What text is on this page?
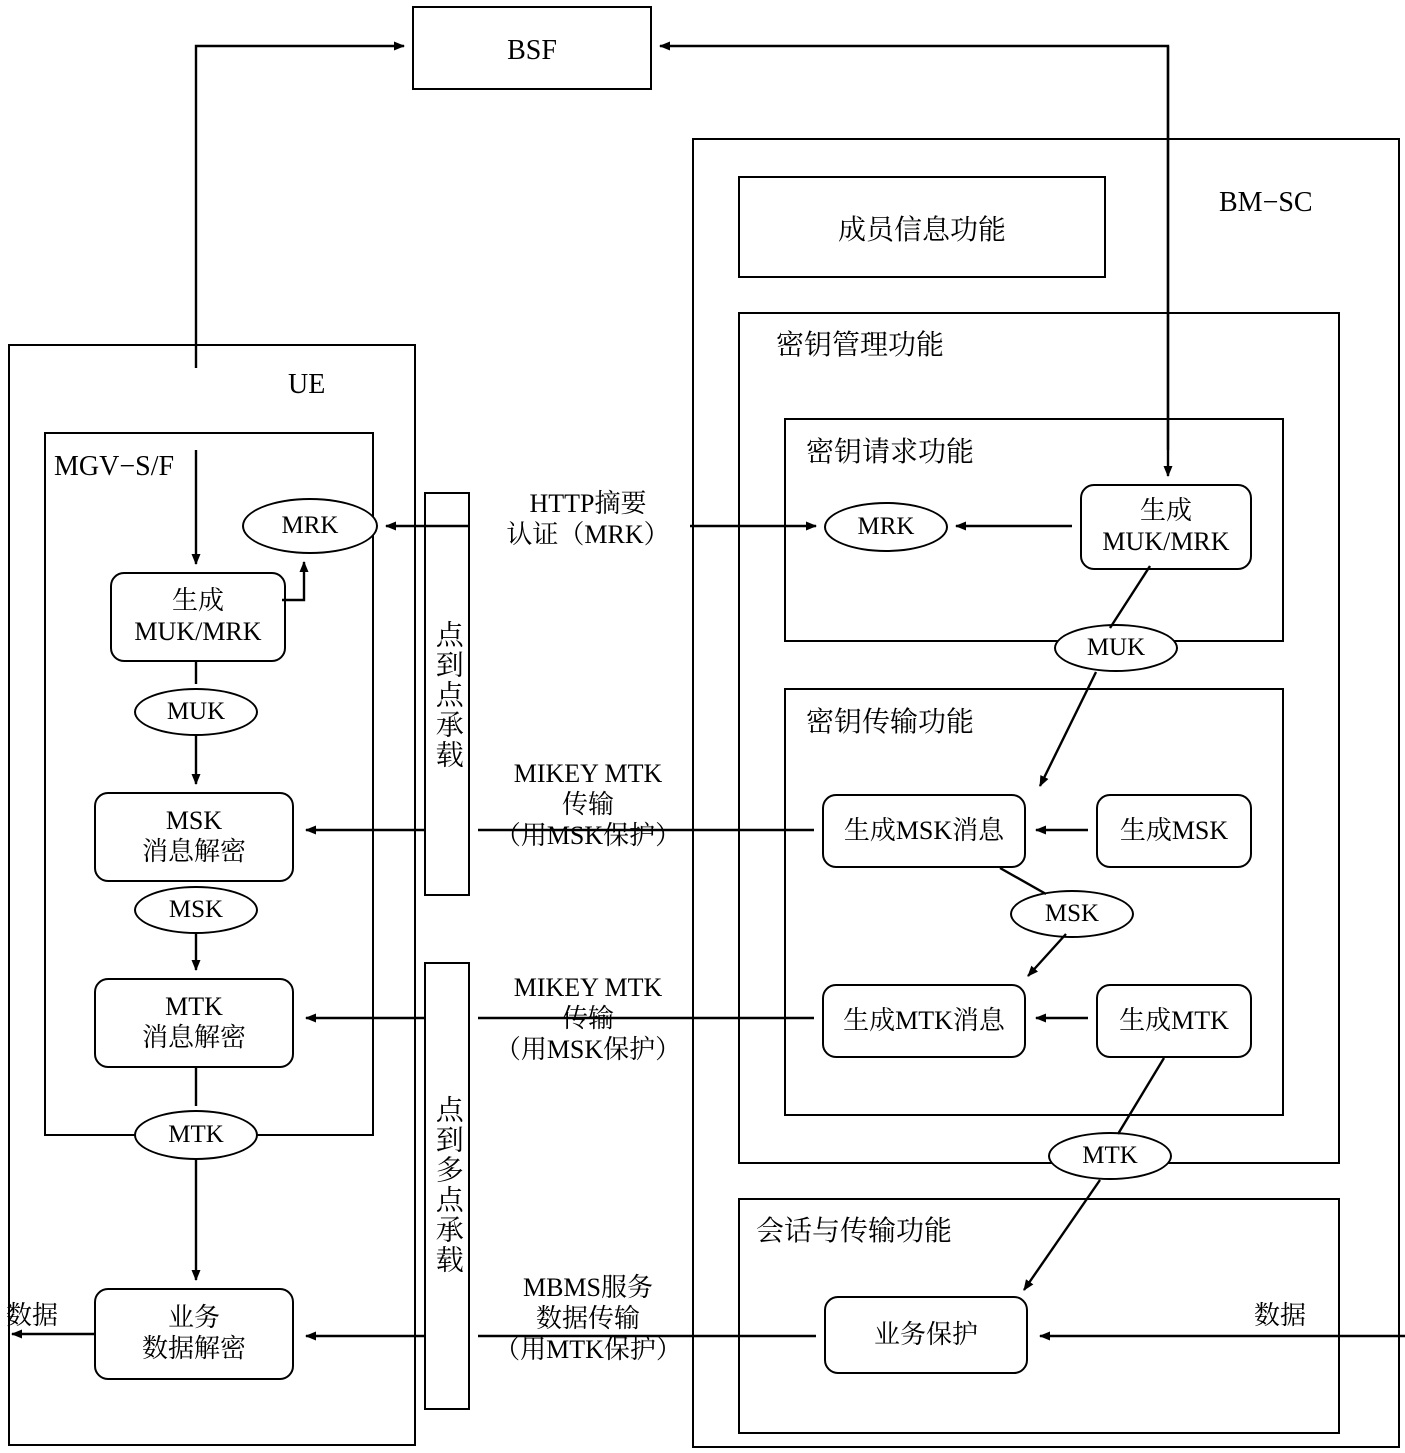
BSF
BM−SC
成员信息功能
密钥管理功能
密钥请求功能
密钥传输功能
会话与传输功能
UE
MGV−S/F
点到点承载
点到多点承载
生成
MUK/MRK
MSK
消息解密
MTK
消息解密
业务
数据解密
生成
MUK/MRK
生成MSK消息	生成MSK
生成MTK消息	生成MTK
业务保护
MRK
MUK
MSK
MTK
MRK
MUK
MSK
MTK
HTTP摘要
认证（MRK）
MIKEY MTK
传输
（用MSK保护）
MIKEY MTK
传输
（用MSK保护）
MBMS服务
数据传输
（用MTK保护）
数据	数据
